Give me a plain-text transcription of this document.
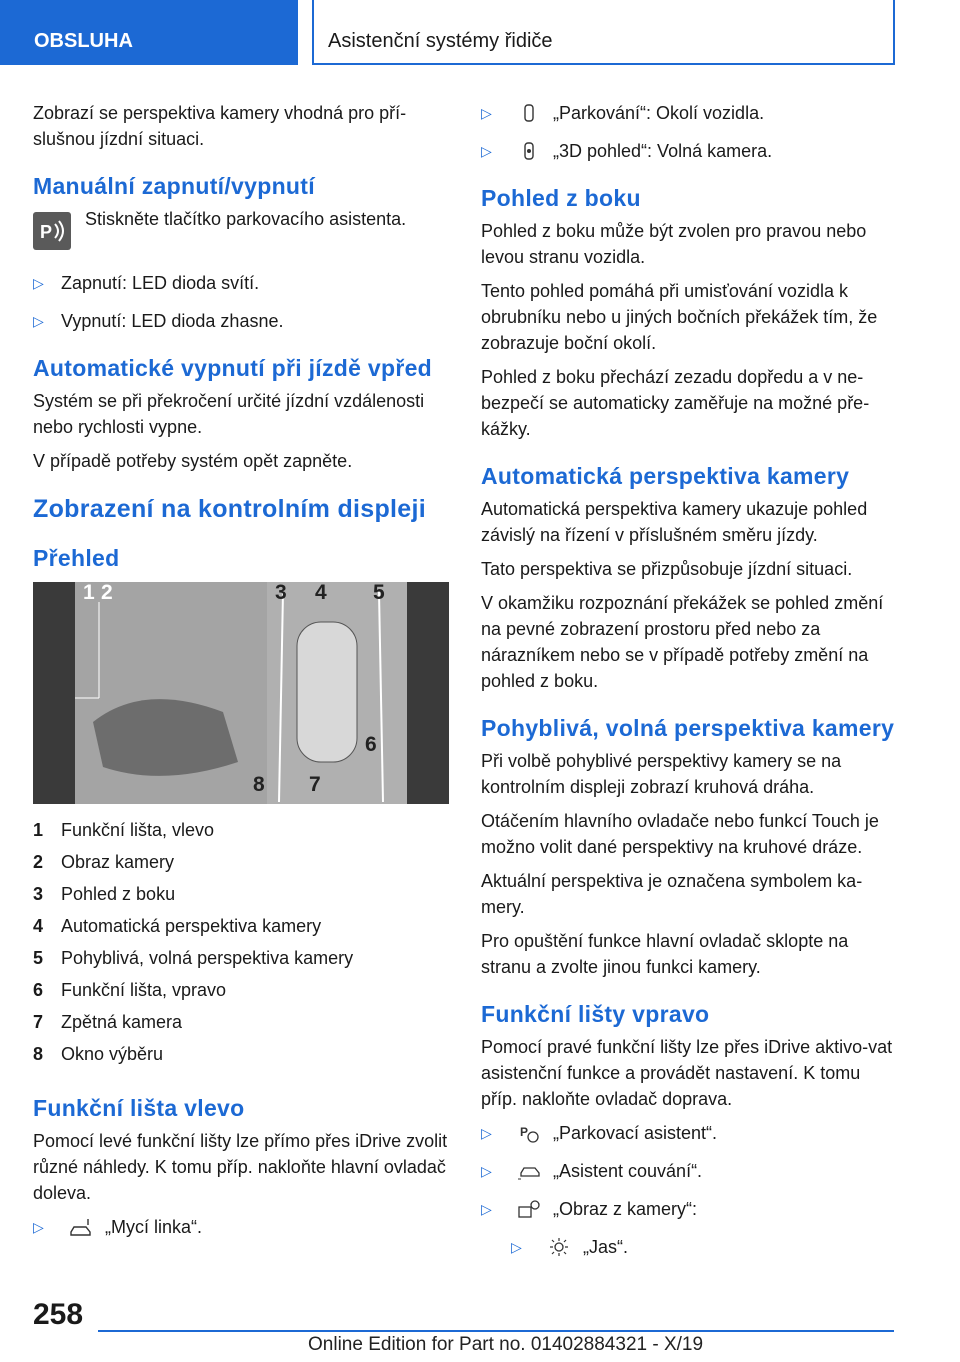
OBSLUHA	Asistenční systémy řidiče

Zobrazí se perspektiva kamery vhodná pro pří-slušnou jízdní situaci.

Manuální zapnutí/vypnutí
P
Stiskněte tlačítko parkovacího asistenta.
▷ Zapnutí: LED dioda svítí.
▷ Vypnutí: LED dioda zhasne.
Automatické vypnutí při jízdě vpřed

Systém se při překročení určité jízdní vzdálenosti nebo rychlosti vypne.

V případě potřeby systém opět zapněte.

Zobrazení na kontrolním displeji
Přehled
1 2	3 4 5
6
7
8
1 Funkční lišta, vlevo
2 Obraz kamery
3 Pohled z boku
4 Automatická perspektiva kamery
5 Pohyblivá, volná perspektiva kamery
6 Funkční lišta, vpravo
7 Zpětná kamera
8 Okno výběru
Funkční lišta vlevo

Pomocí levé funkční lišty lze přímo přes iDrive zvolit různé náhledy. K tomu příp. nakloňte hlavní ovladač doleva.

▷	„Mycí linka“.
▷	„Parkování“: Okolí vozidla.
▷	„3D pohled“: Volná kamera.
Pohled z boku

Pohled z boku může být zvolen pro pravou nebo levou stranu vozidla.

Tento pohled pomáhá při umisťování vozidla k obrubníku nebo u jiných bočních překážek tím, že zobrazuje boční okolí.

Pohled z boku přechází zezadu dopředu a v ne-bezpečí se automaticky zaměřuje na možné pře-kážky.

Automatická perspektiva kamery

Automatická perspektiva kamery ukazuje pohled závislý na řízení v příslušném směru jízdy.

Tato perspektiva se přizpůsobuje jízdní situaci.

V okamžiku rozpoznání překážek se pohled změní na pevné zobrazení prostoru před nebo za nárazníkem nebo se v případě potřeby změní na pohled z boku.

Pohyblivá, volná perspektiva kamery

Při volbě pohyblivé perspektivy kamery se na kontrolním displeji zobrazí kruhová dráha.

Otáčením hlavního ovladače nebo funkcí Touch je možno volit dané perspektivy na kruhové dráze.

Aktuální perspektiva je označena symbolem ka-mery.

Pro opuštění funkce hlavní ovladač sklopte na stranu a zvolte jinou funkci kamery.

Funkční lišty vpravo

Pomocí pravé funkční lišty lze přes iDrive aktivo-vat asistenční funkce a provádět nastavení. K tomu příp. nakloňte ovladač doprava.

▷	P „Parkovací asistent“.
▷	„Asistent couvání“.
▷	„Obraz z kamery“:
▷	„Jas“.
258
Online Edition for Part no. 01402884321 - X/19
